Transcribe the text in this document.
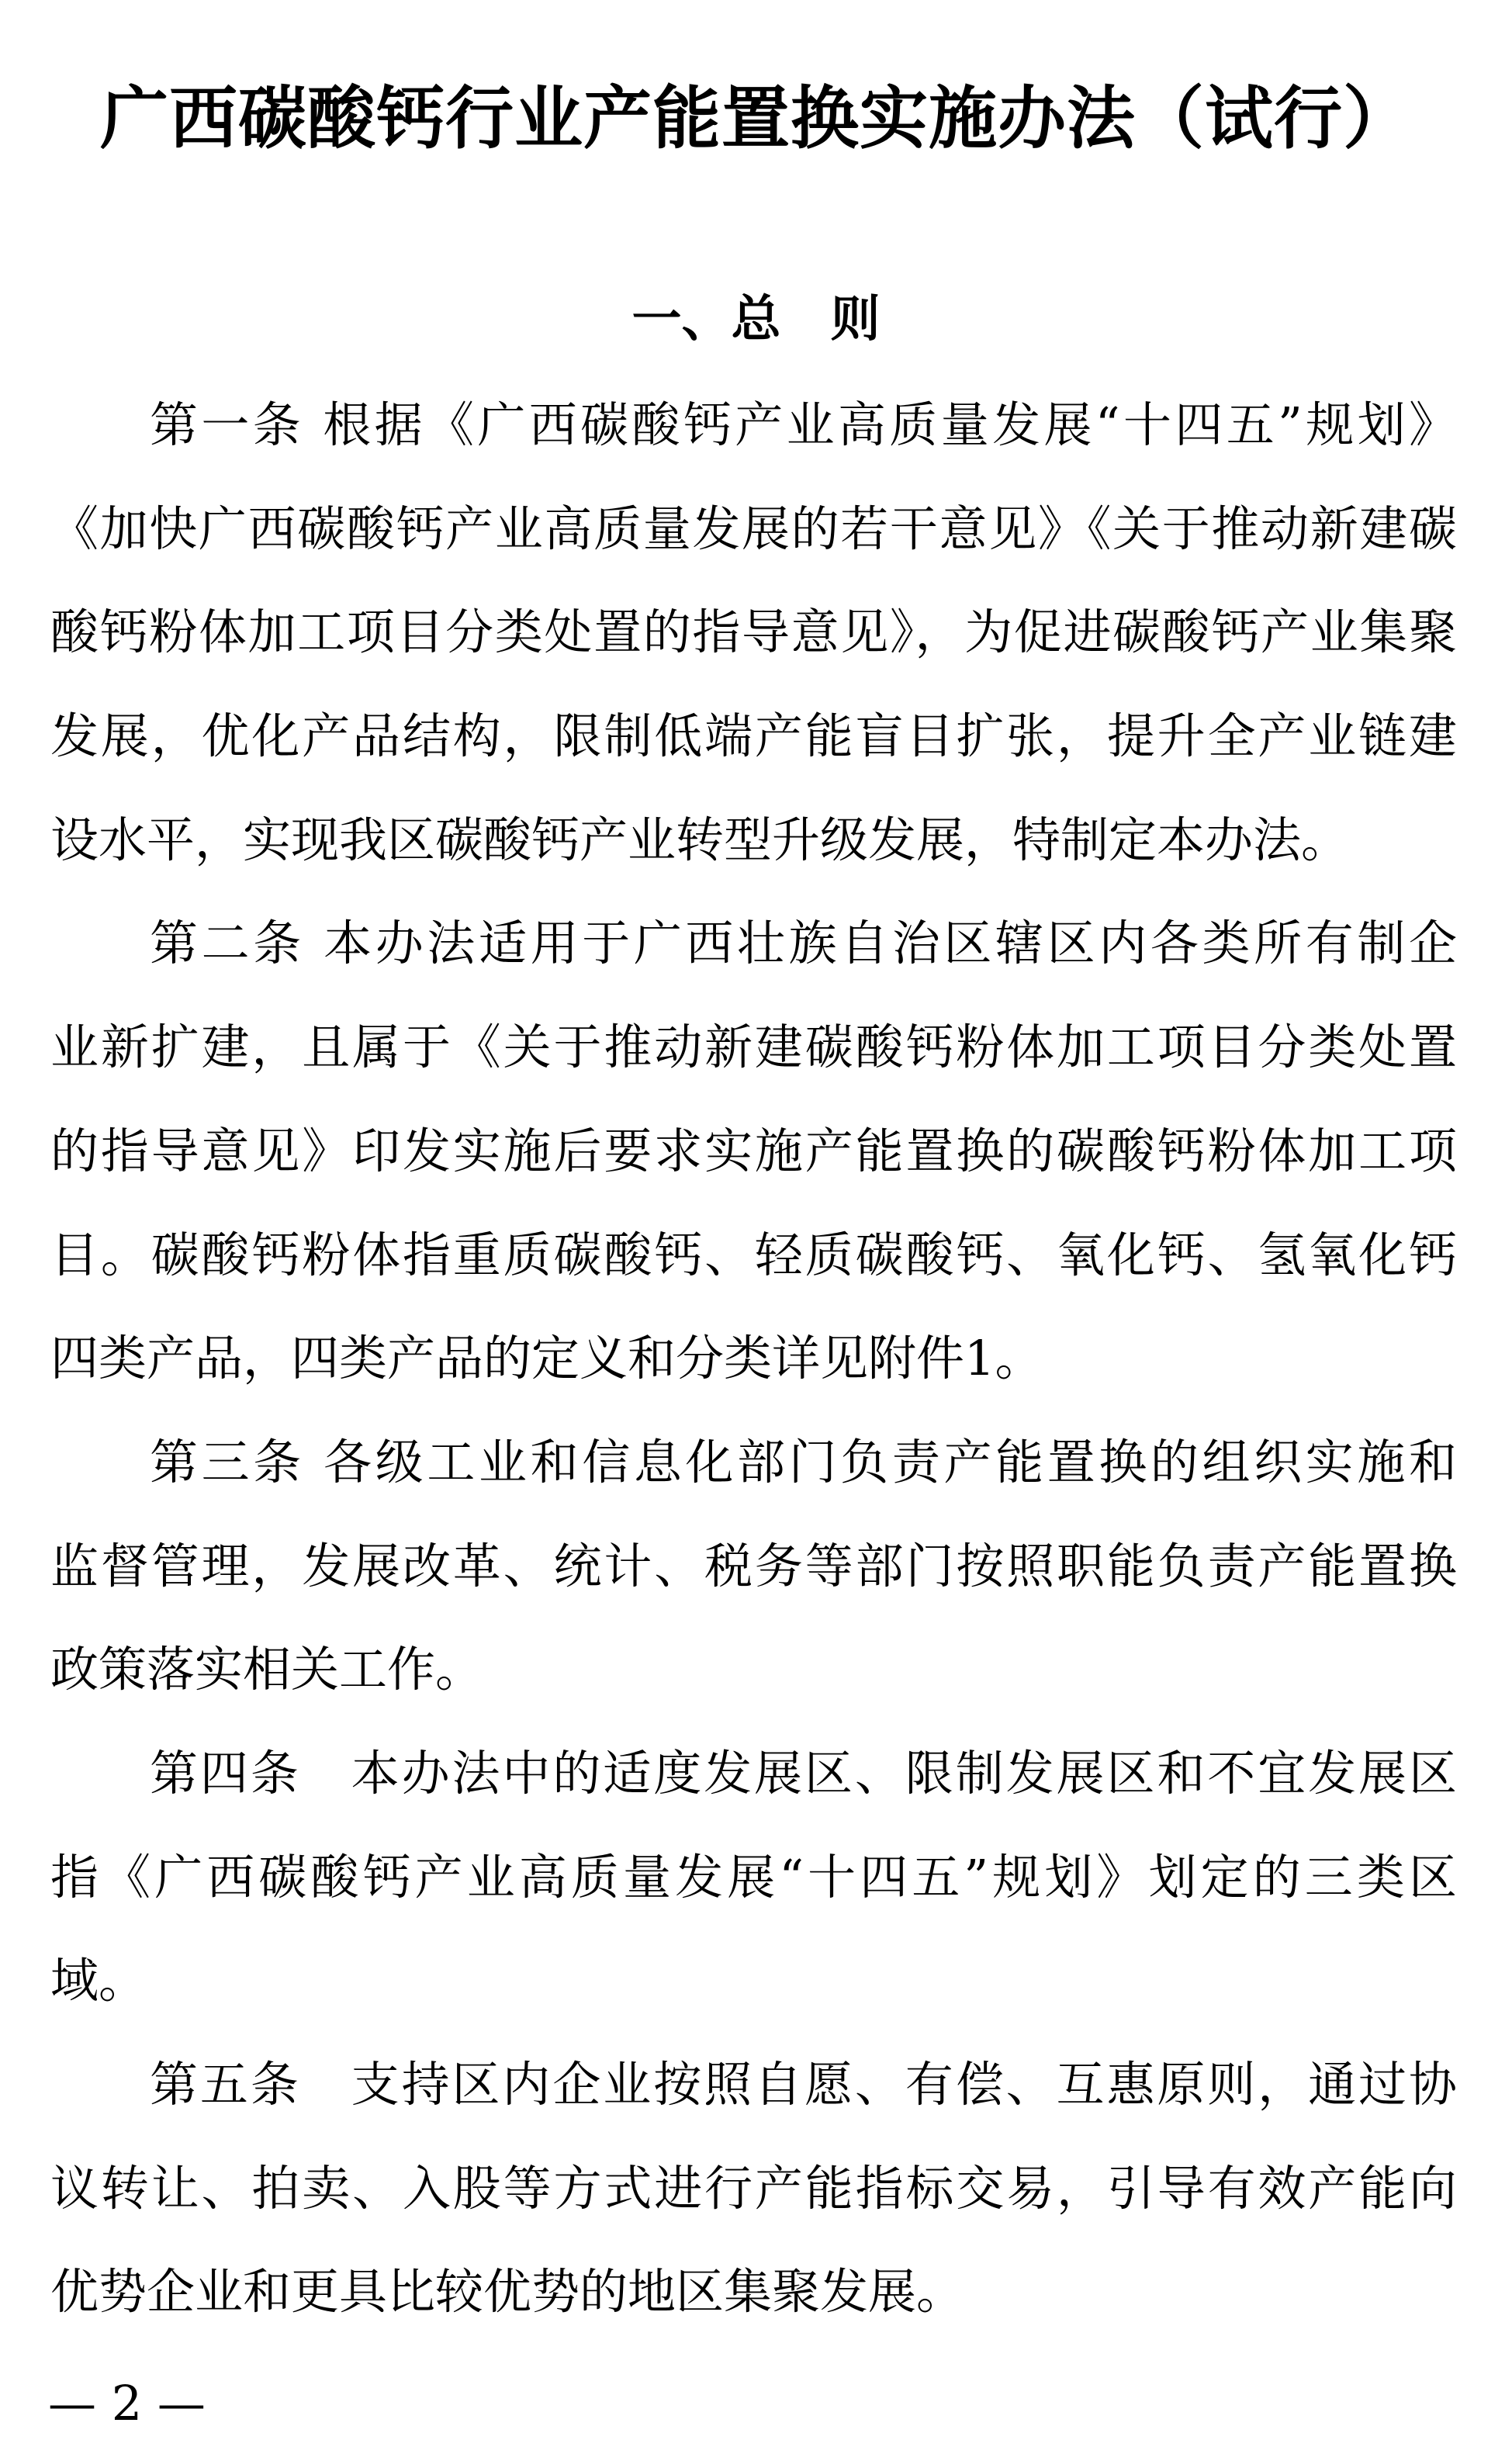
广西碳酸钙行业产能置换实施办法（试行）
一、总　则
第一条 根据《广西碳酸钙产业高质量发展“十四五”规划》
《加快广西碳酸钙产业高质量发展的若干意见》《关于推动新建碳
酸钙粉体加工项目分类处置的指导意见》，为促进碳酸钙产业集聚
发展，优化产品结构，限制低端产能盲目扩张，提升全产业链建
设水平，实现我区碳酸钙产业转型升级发展，特制定本办法。
第二条 本办法适用于广西壮族自治区辖区内各类所有制企
业新扩建，且属于《关于推动新建碳酸钙粉体加工项目分类处置
的指导意见》印发实施后要求实施产能置换的碳酸钙粉体加工项
目。碳酸钙粉体指重质碳酸钙、轻质碳酸钙、氧化钙、氢氧化钙
四类产品，四类产品的定义和分类详见附件1。
第三条 各级工业和信息化部门负责产能置换的组织实施和
监督管理，发展改革、统计、税务等部门按照职能负责产能置换
政策落实相关工作。
第四条　本办法中的适度发展区、限制发展区和不宜发展区
指《广西碳酸钙产业高质量发展“十四五”规划》划定的三类区
域。
第五条　支持区内企业按照自愿、有偿、互惠原则，通过协
议转让、拍卖、入股等方式进行产能指标交易，引导有效产能向
优势企业和更具比较优势的地区集聚发展。
— 2 —
